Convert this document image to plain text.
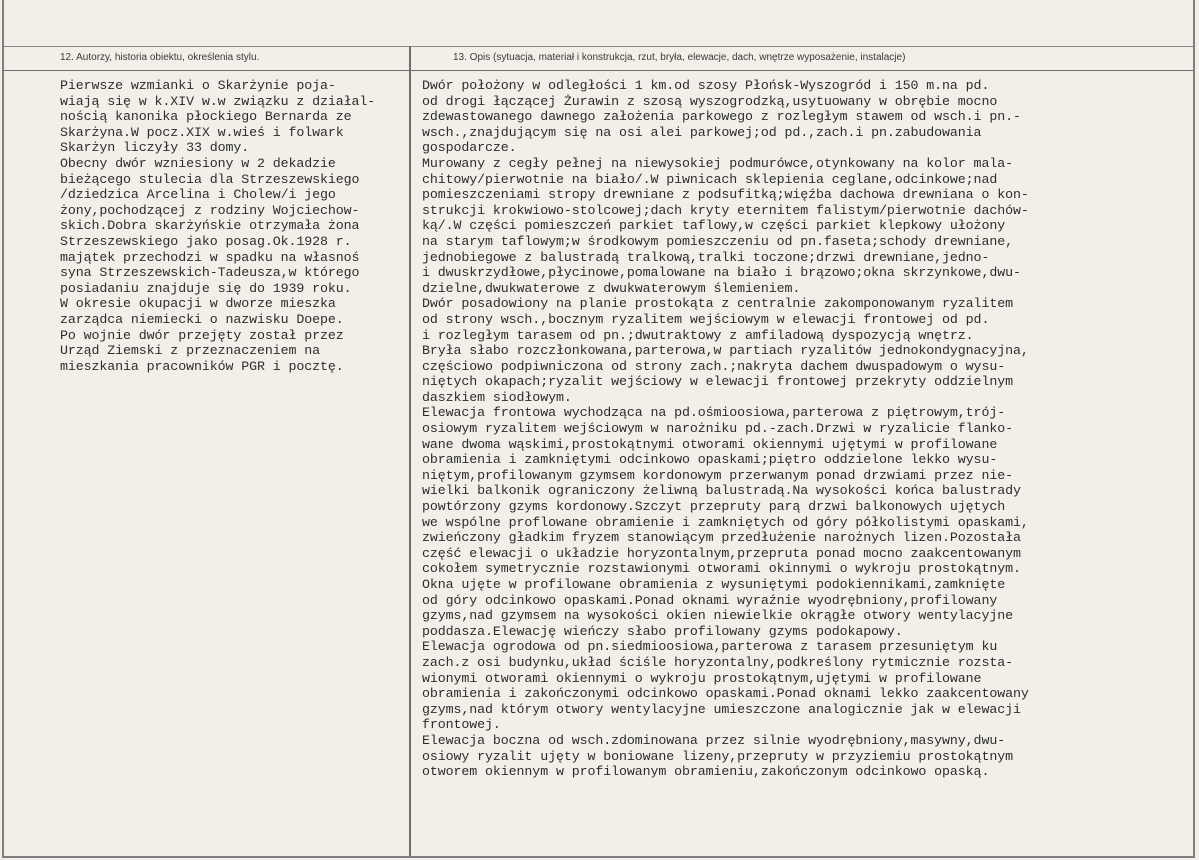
12. Autorzy, historia obiektu, określenia stylu.	13. Opis (sytuacja, materiał i konstrukcja, rzut, bryła, elewacje, dach, wnętrze wyposażenie, instalacje)
Pierwsze wzmianki o Skarżynie poja-
wiają się w k.XIV w.w związku z działal-
nością kanonika płockiego Bernarda ze
Skarżyna.W pocz.XIX w.wieś i folwark
Skarżyn liczyły 33 domy.
Obecny dwór wzniesiony w 2 dekadzie
bieżącego stulecia dla Strzeszewskiego
/dziedzica Arcelina i Cholew/i jego
żony,pochodzącej z rodziny Wojciechow-
skich.Dobra skarżyńskie otrzymała żona
Strzeszewskiego jako posag.Ok.1928 r.
majątek przechodzi w spadku na własnoś
syna Strzeszewskich-Tadeusza,w którego
posiadaniu znajduje się do 1939 roku.
W okresie okupacji w dworze mieszka
zarządca niemiecki o nazwisku Doepe.
Po wojnie dwór przejęty został przez
Urząd Ziemski z przeznaczeniem na
mieszkania pracowników PGR i pocztę.
Dwór położony w odległości 1 km.od szosy Płońsk-Wyszogród i 150 m.na pd.
od drogi łączącej Żurawin z szosą wyszogrodzką,usytuowany w obrębie mocno
zdewastowanego dawnego założenia parkowego z rozległym stawem od wsch.i pn.-
wsch.,znajdującym się na osi alei parkowej;od pd.,zach.i pn.zabudowania
gospodarcze.
Murowany z cegły pełnej na niewysokiej podmurówce,otynkowany na kolor mala-
chitowy/pierwotnie na biało/.W piwnicach sklepienia ceglane,odcinkowe;nad
pomieszczeniami stropy drewniane z podsufitką;więźba dachowa drewniana o kon-
strukcji krokwiowo-stolcowej;dach kryty eternitem falistym/pierwotnie dachów-
ką/.W części pomieszczeń parkiet taflowy,w części parkiet klepkowy ułożony
na starym taflowym;w środkowym pomieszczeniu od pn.faseta;schody drewniane,
jednobiegowe z balustradą tralkową,tralki toczone;drzwi drewniane,jedno-
i dwuskrzydłowe,płycinowe,pomalowane na biało i brązowo;okna skrzynkowe,dwu-
dzielne,dwukwaterowe z dwukwaterowym ślemieniem.
Dwór posadowiony na planie prostokąta z centralnie zakomponowanym ryzalitem
od strony wsch.,bocznym ryzalitem wejściowym w elewacji frontowej od pd.
i rozległym tarasem od pn.;dwutraktowy z amfiladową dyspozycją wnętrz.
Bryła słabo rozczłonkowana,parterowa,w partiach ryzalitów jednokondygnacyjna,
częściowo podpiwniczona od strony zach.;nakryta dachem dwuspadowym o wysu-
niętych okapach;ryzalit wejściowy w elewacji frontowej przekryty oddzielnym
daszkiem siodłowym.
Elewacja frontowa wychodząca na pd.ośmioosiowa,parterowa z piętrowym,trój-
osiowym ryzalitem wejściowym w narożniku pd.-zach.Drzwi w ryzalicie flanko-
wane dwoma wąskimi,prostokątnymi otworami okiennymi ujętymi w profilowane
obramienia i zamkniętymi odcinkowo opaskami;piętro oddzielone lekko wysu-
niętym,profilowanym gzymsem kordonowym przerwanym ponad drzwiami przez nie-
wielki balkonik ograniczony żeliwną balustradą.Na wysokości końca balustrady
powtórzony gzyms kordonowy.Szczyt przepruty parą drzwi balkonowych ujętych
we wspólne proflowane obramienie i zamkniętych od góry półkolistymi opaskami,
zwieńczony gładkim fryzem stanowiącym przedłużenie narożnych lizen.Pozostała
część elewacji o układzie horyzontalnym,przeprutа ponad mocno zaakcentowanym
cokołem symetrycznie rozstawionymi otworami okinnymi o wykroju prostokątnym.
Okna ujęte w profilowane obramienia z wysuniętymi podokiennikami,zamknięte
od góry odcinkowo opaskami.Ponad oknami wyraźnie wyodrębniony,profilowany
gzyms,nad gzymsem na wysokości okien niewielkie okrągłe otwory wentylacyjne
poddasza.Elewację wieńczy słabo profilowany gzyms podokapowy.
Elewacja ogrodowa od pn.siedmioosiowa,parterowa z tarasem przesuniętym ku
zach.z osi budynku,układ ściśle horyzontalny,podkreślony rytmicznie rozsta-
wionymi otworami okiennymi o wykroju prostokątnym,ujętymi w profilowane
obramienia i zakończonymi odcinkowo opaskami.Ponad oknami lekko zaakcentowany
gzyms,nad którym otwory wentylacyjne umieszczone analogicznie jak w elewacji
frontowej.
Elewacja boczna od wsch.zdominowana przez silnie wyodrębniony,masywny,dwu-
osiowy ryzalit ujęty w boniowane lizeny,przepruty w przyziemiu prostokątnym
otworem okiennym w profilowanym obramieniu,zakończonym odcinkowo opaską.
